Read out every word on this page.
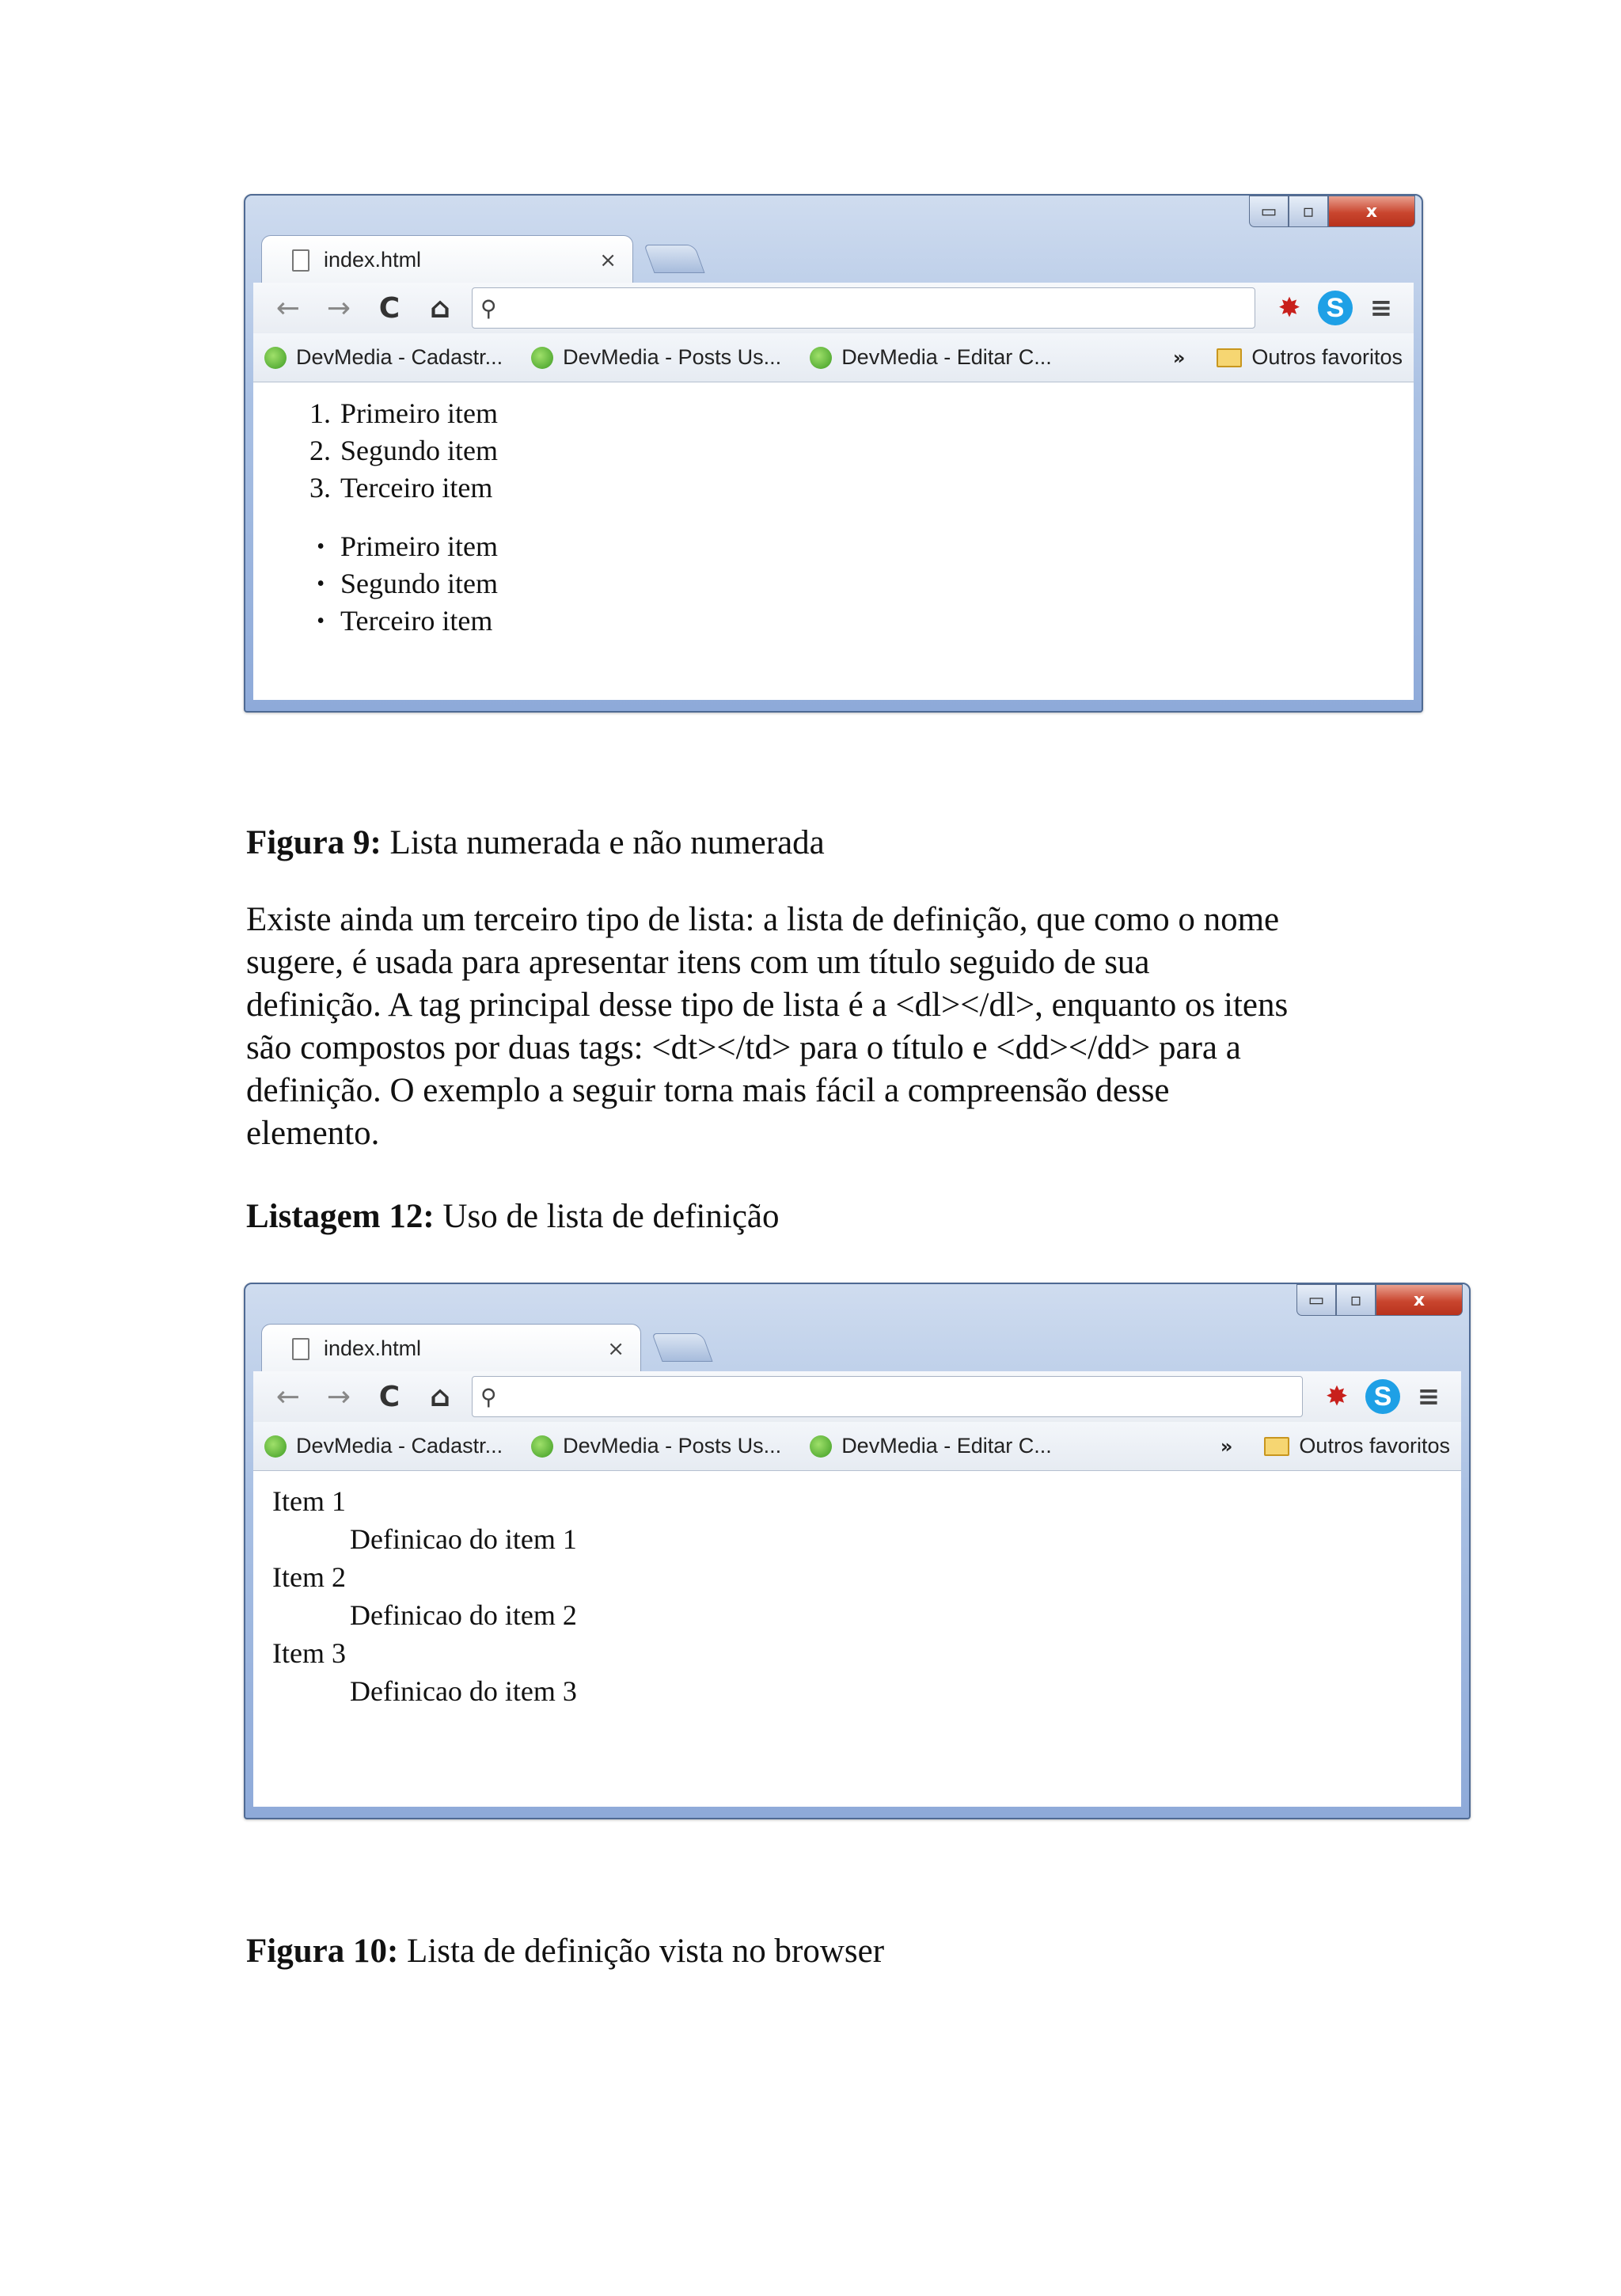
▭	▫	x
index.html	×
← → C	⌂	⚲	✸ S ≡
DevMedia - Cadastr...	DevMedia - Posts Us...	DevMedia - Editar C...	»	Outros favoritos
1. Primeiro item
2. Segundo item
3. Terceiro item
• Primeiro item
• Segundo item
• Terceiro item
Figura 9: Lista numerada e não numerada
Existe ainda um terceiro tipo de lista: a lista de definição, que como o nome
sugere, é usada para apresentar itens com um título seguido de sua
definição. A tag principal desse tipo de lista é a <dl></dl>, enquanto os itens
são compostos por duas tags: <dt></td> para o título e <dd></dd> para a
definição. O exemplo a seguir torna mais fácil a compreensão desse
elemento.
Listagem 12: Uso de lista de definição
▭	▫	x
index.html	×
← → C	⌂	⚲	✸ S ≡
DevMedia - Cadastr...	DevMedia - Posts Us...	DevMedia - Editar C...	»	Outros favoritos
Item 1
Definicao do item 1
Item 2
Definicao do item 2
Item 3
Definicao do item 3
Figura 10: Lista de definição vista no browser
